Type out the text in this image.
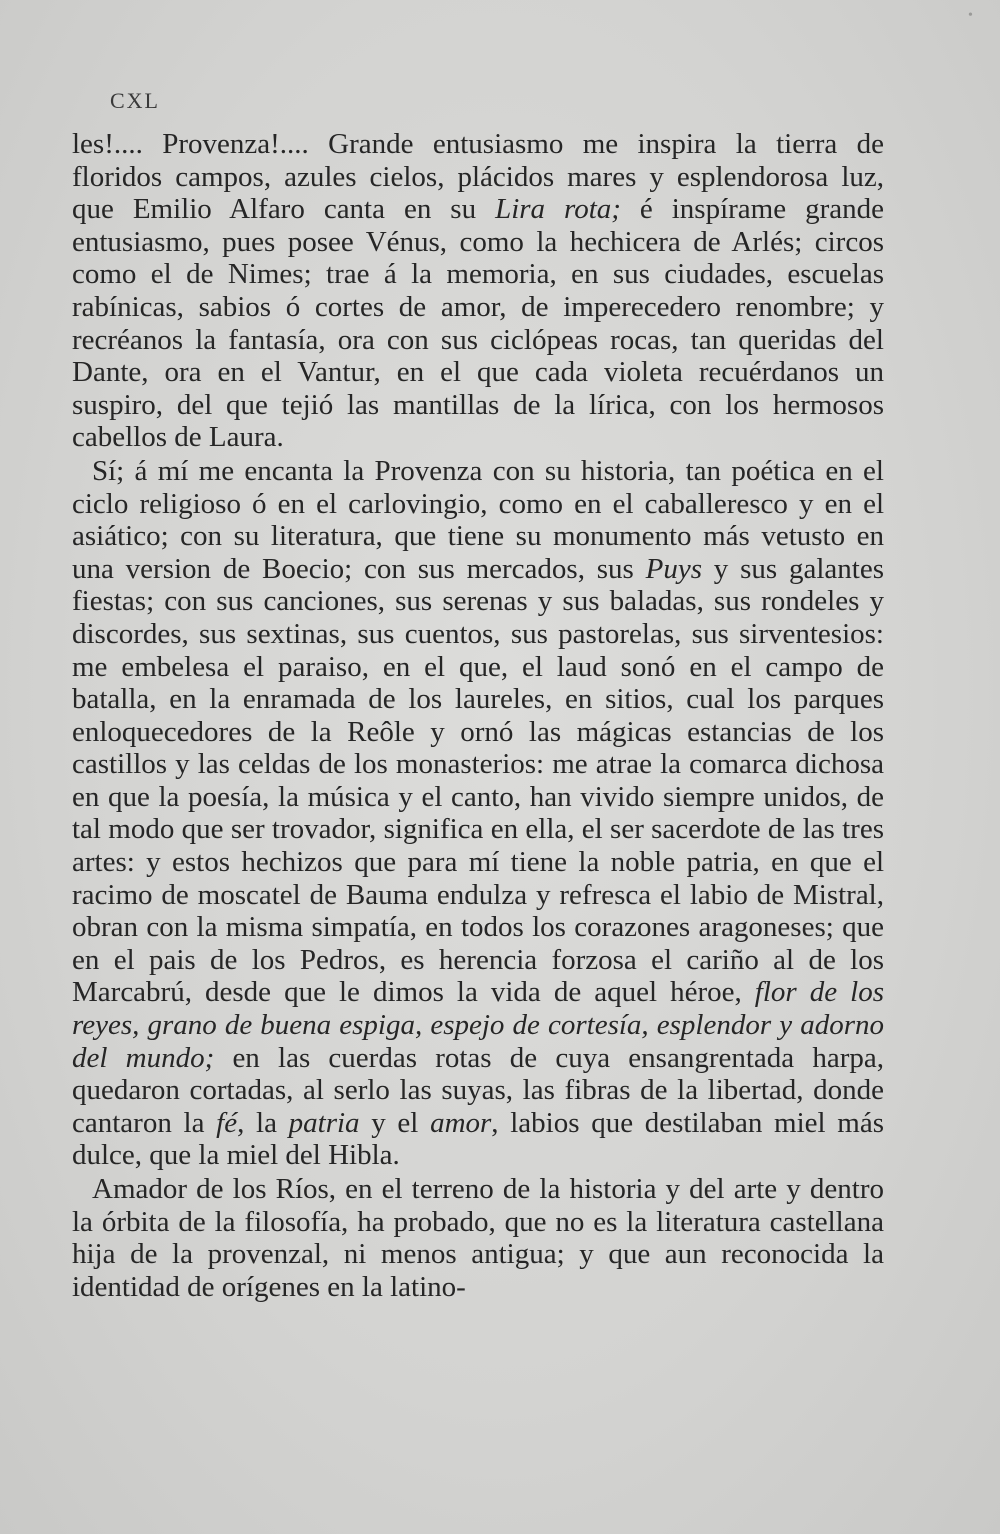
CXL
•

les!.... Provenza!.... Grande entusiasmo me inspira la tierra de floridos campos, azules cielos, plácidos mares y esplendorosa luz, que Emilio Alfaro canta en su Lira rota; é inspírame grande entusiasmo, pues posee Vénus, como la hechicera de Arlés; circos como el de Nimes; trae á la memoria, en sus ciudades, escuelas rabínicas, sabios ó cortes de amor, de imperecedero renombre; y recréanos la fantasía, ora con sus ciclópeas rocas, tan queridas del Dante, ora en el Vantur, en el que cada violeta recuérdanos un suspiro, del que tejió las mantillas de la lírica, con los hermosos cabellos de Laura.

Sí; á mí me encanta la Provenza con su historia, tan poética en el ciclo religioso ó en el carlovingio, como en el caballeresco y en el asiático; con su literatura, que tiene su monumento más vetusto en una version de Boecio; con sus mercados, sus Puys y sus galantes fiestas; con sus canciones, sus serenas y sus baladas, sus rondeles y discordes, sus sextinas, sus cuentos, sus pastorelas, sus sirventesios: me embelesa el paraiso, en el que, el laud sonó en el campo de batalla, en la enramada de los laureles, en sitios, cual los parques enloquecedores de la Reôle y ornó las mágicas estancias de los castillos y las celdas de los monasterios: me atrae la comarca dichosa en que la poesía, la música y el canto, han vivido siempre unidos, de tal modo que ser trovador, significa en ella, el ser sacerdote de las tres artes: y estos hechizos que para mí tiene la noble patria, en que el racimo de moscatel de Bauma endulza y refresca el labio de Mistral, obran con la misma simpatía, en todos los corazones aragoneses; que en el pais de los Pedros, es herencia forzosa el cariño al de los Marcabrú, desde que le dimos la vida de aquel héroe, flor de los reyes, grano de buena espiga, espejo de cortesía, esplendor y adorno del mundo; en las cuerdas rotas de cuya ensangrentada harpa, quedaron cortadas, al serlo las suyas, las fibras de la libertad, donde cantaron la fé, la patria y el amor, labios que destilaban miel más dulce, que la miel del Hibla.

Amador de los Ríos, en el terreno de la historia y del arte y dentro la órbita de la filosofía, ha probado, que no es la literatura castellana hija de la provenzal, ni menos antigua; y que aun reconocida la identidad de orígenes en la latino-
